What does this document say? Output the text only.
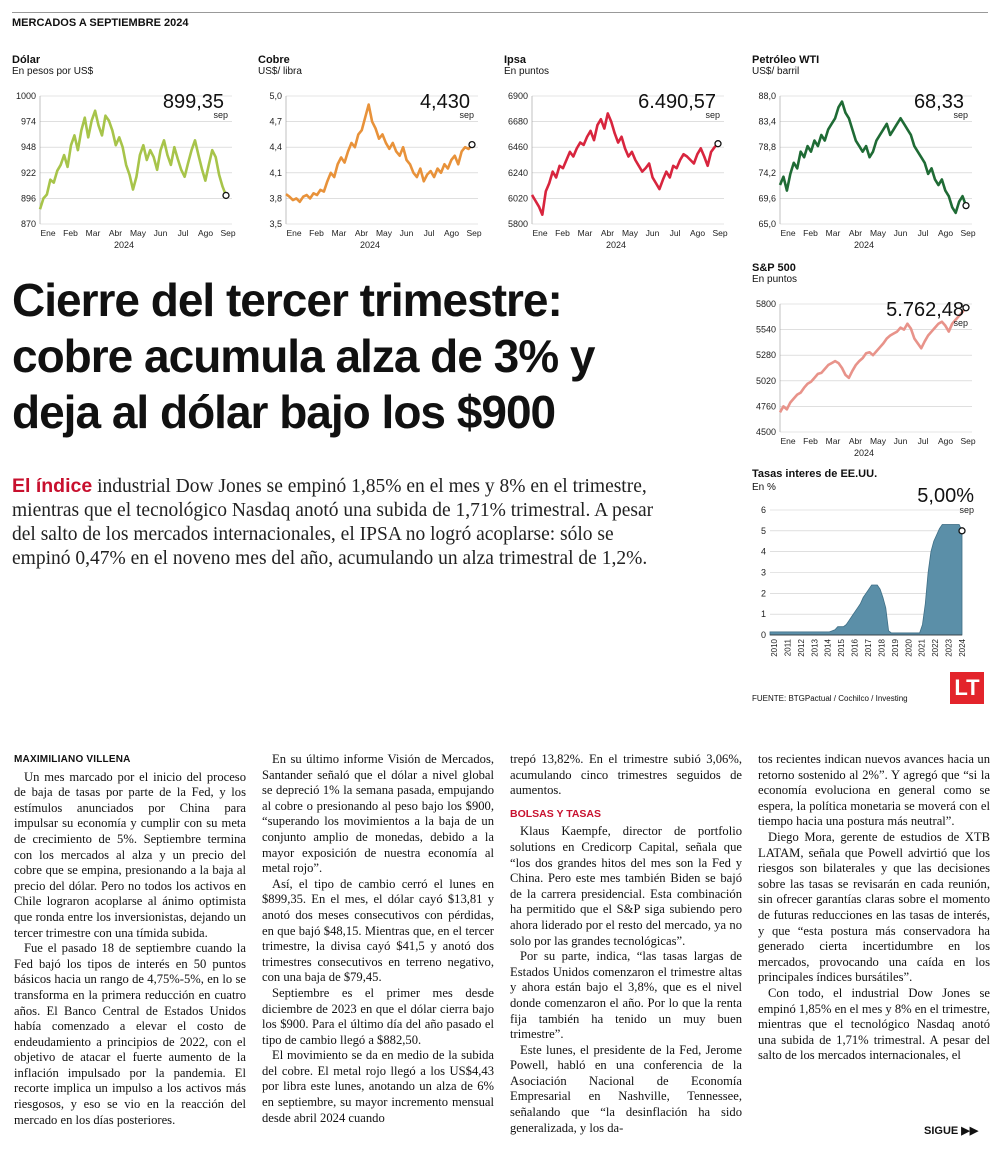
MERCADOS A SEPTIEMBRE 2024
Dólar
En pesos por US$
1000
974
948
922
896
870
899,35
sep
Ene Feb Mar Abr May Jun Jul Ago Sep
2024
Cobre
US$/ libra
5,0
4,7
4,4
4,1
3,8
3,5
4,430
sep
Ene Feb Mar Abr May Jun Jul Ago Sep
2024
Ipsa
En puntos
6900
6680
6460
6240
6020
5800
6.490,57
sep
Ene Feb Mar Abr May Jun Jul Ago Sep
2024
Petróleo WTI
US$/ barril
88,0
83,4
78,8
74,2
69,6
65,0
68,33
sep
Ene Feb Mar Abr May Jun Jul Ago Sep
2024
S&P 500
En puntos
5800
5540
5280
5020
4760
4500
5.762,48
sep
Ene Feb Mar Abr May Jun Jul Ago Sep
2024
Tasas interes de EE.UU.
En %
6
5
4
3
2
1
0
5,00%
sep
2010 2011 2012 2013 2014 2015 2016 2017 2018 2019 2020 2021 2022 2023 2024
FUENTE: BTGPactual / Cochilco / Investing LT
Cierre del tercer trimestre:
cobre acumula alza de 3% y
deja al dólar bajo los $900
El índice industrial Dow Jones se empinó 1,85% en el mes y 8% en el trimestre, mientras que el tecnológico Nasdaq anotó una subida de 1,71% trimestral. A pesar del salto de los mercados internacionales, el IPSA no logró acoplarse: sólo se empinó 0,47% en el noveno mes del año, acumulando un alza trimestral de 1,2%.
MAXIMILIANO VILLENA

Un mes marcado por el inicio del proceso de baja de tasas por parte de la Fed, y los estímulos anunciados por China para impulsar su economía y cumplir con su meta de crecimiento de 5%. Septiembre termina con los mercados al alza y un precio del cobre que se empina, presionando a la baja al precio del dólar. Pero no todos los activos en Chile lograron acoplarse al ánimo optimista que ronda entre los inversionistas, dejando un tercer trimestre con una tímida subida.

Fue el pasado 18 de septiembre cuando la Fed bajó los tipos de interés en 50 puntos básicos hacia un rango de 4,75%-5%, en lo se transforma en la primera reducción en cuatro años. El Banco Central de Estados Unidos había comenzado a elevar el costo de endeudamiento a principios de 2022, con el objetivo de atacar el fuerte aumento de la inflación impulsado por la pandemia. El recorte implica un impulso a los activos más riesgosos, y eso se vio en la reacción del mercado en los días posteriores.

En su último informe Visión de Mercados, Santander señaló que el dólar a nivel global se depreció 1% la semana pasada, empujando al cobre o presionando al peso bajo los $900, “superando los movimientos a la baja de un conjunto amplio de monedas, debido a la mayor exposición de nuestra economía al metal rojo”.

Así, el tipo de cambio cerró el lunes en $899,35. En el mes, el dólar cayó $13,81 y anotó dos meses consecutivos con pérdidas, en que bajó $48,15. Mientras que, en el tercer trimestre, la divisa cayó $41,5 y anotó dos trimestres consecutivos en terreno negativo, con una baja de $79,45.

Septiembre es el primer mes desde diciembre de 2023 en que el dólar cierra bajo los $900. Para el último día del año pasado el tipo de cambio llegó a $882,50.

El movimiento se da en medio de la subida del cobre. El metal rojo llegó a los US$4,43 por libra este lunes, anotando un alza de 6% en septiembre, su mayor incremento mensual desde abril 2024 cuando

trepó 13,82%. En el trimestre subió 3,06%, acumulando cinco trimestres seguidos de aumentos.

BOLSAS Y TASAS

Klaus Kaempfe, director de portfolio solutions en Credicorp Capital, señala que “los dos grandes hitos del mes son la Fed y China. Pero este mes también Biden se bajó de la carrera presidencial. Esta combinación ha permitido que el S&P siga subiendo pero ahora liderado por el resto del mercado, ya no solo por las grandes tecnológicas”.

Por su parte, indica, “las tasas largas de Estados Unidos comenzaron el trimestre altas y ahora están bajo el 3,8%, que es el nivel donde comenzaron el año. Por lo que la renta fija también ha tenido un muy buen trimestre”.

Este lunes, el presidente de la Fed, Jerome Powell, habló en una conferencia de la Asociación Nacional de Economía Empresarial en Nashville, Tennessee, señalando que “la desinflación ha sido generalizada, y los da-

tos recientes indican nuevos avances hacia un retorno sostenido al 2%”. Y agregó que “si la economía evoluciona en general como se espera, la política monetaria se moverá con el tiempo hacia una postura más neutral”.

Diego Mora, gerente de estudios de XTB LATAM, señala que Powell advirtió que los riesgos son bilaterales y que las decisiones sobre las tasas se revisarán en cada reunión, sin ofrecer garantías claras sobre el momento de futuras reducciones en las tasas de interés, y que “esta postura más conservadora ha generado cierta incertidumbre en los mercados, provocando una caída en los principales índices bursátiles”.

Con todo, el industrial Dow Jones se empinó 1,85% en el mes y 8% en el trimestre, mientras que el tecnológico Nasdaq anotó una subida de 1,71% trimestral. A pesar del salto de los mercados internacionales, el

SIGUE ▶▶
